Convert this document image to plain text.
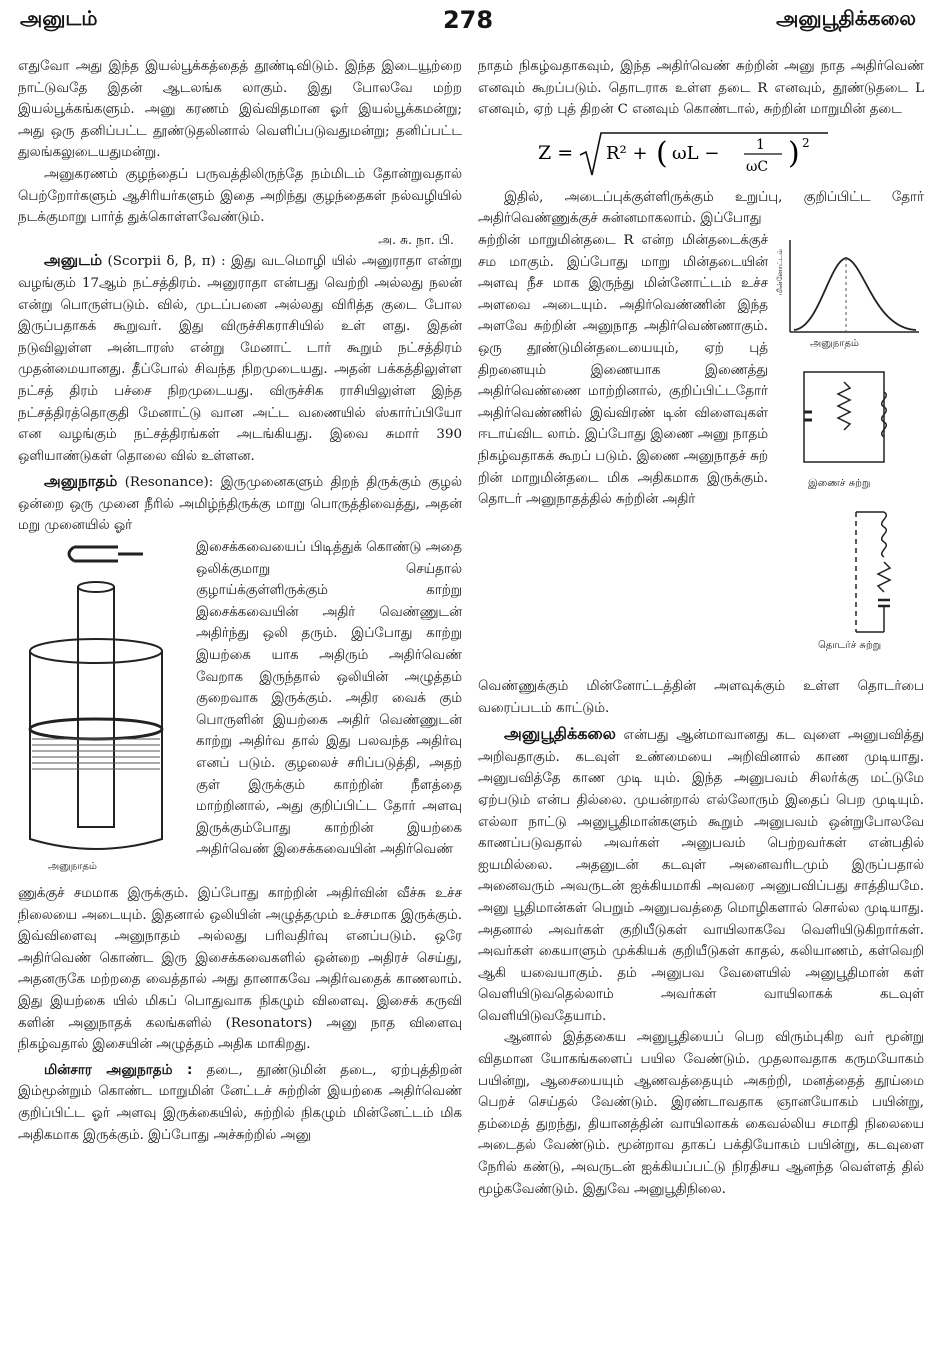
அனுடம்	278	அனுபூதிக்கலை

எதுவோ அது இந்த இயல்பூக்கத்தைத் தூண்டிவிடும். இந்த இடையூற்றை நாட்டுவதே இதன் ஆடலங்க லாகும். இது போலவே மற்ற இயல்பூக்கங்களும். அனு கரணம் இவ்விதமான ஓர் இயல்பூக்கமன்று; அது ஒரு தனிப்பட்ட தூண்டுதலினால் வெளிப்படுவதுமன்று; தனிப்பட்ட துலங்கலுடையதுமன்று.

அனுகரணம் குழந்தைப் பருவத்திலிருந்தே நம்மிடம் தோன்றுவதால் பெற்றோர்களும் ஆசிரியர்களும் இதை அறிந்து குழந்தைகள் நல்வழியில் நடக்குமாறு பார்த் துக்கொள்ளவேண்டும்.

அ. சு. நா. பி.

அனுடம் (Scorpii δ, β, π) : இது வடமொழி யில் அனுராதா என்று வழங்கும் 17ஆம் நட்சத்திரம். அனுராதா என்பது வெற்றி அல்லது நலன் என்று பொருள்படும். வில், முடப்பனை அல்லது விரித்த குடை போல இருப்பதாகக் கூறுவர். இது விருச்சிகராசியில் உள் ளது. இதன் நடுவிலுள்ள அன்டாரஸ் என்று மேனாட் டார் கூறும் நட்சத்திரம் முதன்மையானது. தீப்போல் சிவந்த நிறமுடையது. அதன் பக்கத்திலுள்ள நட்சத் திரம் பச்சை நிறமுடையது. விருச்சிக ராசியிலுள்ள இந்த நட்சத்திரத்தொகுதி மேனாட்டு வான அட்ட வணையில் ஸ்கார்ப்பியோ என வழங்கும் நட்சத்திரங்கள் அடங்கியது. இவை சுமார் 390 ஒளியாண்டுகள் தொலை வில் உள்ளன.

அனுநாதம் (Resonance): இருமுனைகளும் திறந் திருக்கும் குழல் ஒன்றை ஒரு முனை நீரில் அமிழ்ந்திருக்கு மாறு பொருத்திவைத்து, அதன் மறு முனையில் ஓர்

அனுநாதம்

இசைக்கவையைப் பிடித்துக் கொண்டு அதை ஒலிக்குமாறு செய்தால் குழாய்க்குள்ளிருக்கும் காற்று இசைக்கவையின் அதிர் வெண்ணுடன் அதிர்ந்து ஒலி தரும். இப்போது காற்று இயற்கை யாக அதிரும் அதிர்வெண் வேறாக இருந்தால் ஒலியின் அழுத்தம் குறைவாக இருக்கும். அதிர வைக் கும் பொருளின் இயற்கை அதிர் வெண்ணுடன் காற்று அதிர்வ தால் இது பலவந்த அதிர்வு எனப் படும். குழலைச் சரிப்படுத்தி, அதற் குள் இருக்கும் காற்றின் நீளத்தை மாற்றினால், அது குறிப்பிட்ட தோர் அளவு இருக்கும்போது காற்றின் இயற்கை அதிர்வெண் இசைக்கவையின் அதிர்வெண்

ணுக்குச் சமமாக இருக்கும். இப்போது காற்றின் அதிர்வின் வீச்சு உச்ச நிலையை அடையும். இதனால் ஒலியின் அழுத்தமும் உச்சமாக இருக்கும். இவ்விளைவு அனுநாதம் அல்லது பரிவதிர்வு எனப்படும். ஒரே அதிர்வெண் கொண்ட இரு இசைக்கவைகளில் ஒன்றை அதிரச் செய்து, அதனருகே மற்றதை வைத்தால் அது தானாகவே அதிர்வதைக் காணலாம். இது இயற்கை யில் மிகப் பொதுவாக நிகழும் விளைவு. இசைக் கருவி களின் அனுநாதக் கலங்களில் (Resonators) அனு நாத விளைவு நிகழ்வதால் இசையின் அழுத்தம் அதிக மாகிறது.

மின்சார அனுநாதம் : தடை, தூண்டுமின் தடை, ஏற்புத்திறன் இம்மூன்றும் கொண்ட மாறுமின் னேட்டச் சுற்றின் இயற்கை அதிர்வெண் குறிப்பிட்ட ஓர் அளவு இருக்கையில், சுற்றில் நிகழும் மின்னேட்டம் மிக அதிகமாக இருக்கும். இப்போது அச்சுற்றில் அனு

நாதம் நிகழ்வதாகவும், இந்த அதிர்வெண் சுற்றின் அனு நாத அதிர்வெண் எனவும் கூறப்படும். தொடராக உள்ள தடை R எனவும், தூண்டுதடை L எனவும், ஏற் புத் திறன் C எனவும் கொண்டால், சுற்றின் மாறுமின் தடை

Z = R² + ( ωL −	1
ωC ) 2

இதில், அடைப்புக்குள்ளிருக்கும் உறுப்பு, குறிப்பிட்ட தோர் அதிர்வெண்ணுக்குச் சுன்னமாகலாம். இப்போது

மின்னோட்டம்
அனுநாதம்
இணைச் சுற்று
தொடர்ச் சுற்று

சுற்றின் மாறுமின்தடை R என்ற மின்தடைக்குச் சம மாகும். இப்போது மாறு மின்தடையின் அளவு நீச மாக இருந்து மின்னோட்டம் உச்ச அளவை அடையும். அதிர்வெண்ணின் இந்த அளவே சுற்றின் அனுநாத அதிர்வெண்ணாகும். ஒரு தூண்டுமின்தடையையும், ஏற் புத் திறனையும் இணையாக இணைத்து அதிர்வெண்ணை மாற்றினால், குறிப்பிட்டதோர் அதிர்வெண்ணில் இவ்விரண் டின் விளைவுகள் ஈடாய்விட லாம். இப்போது இணை அனு நாதம் நிகழ்வதாகக் கூறப் படும். இணை அனுநாதச் சுற் றின் மாறுமின்தடை மிக அதிகமாக இருக்கும். தொடர் அனுநாதத்தில் சுற்றின் அதிர்

வெண்ணுக்கும் மின்னோட்டத்தின் அளவுக்கும் உள்ள தொடர்பை வரைப்படம் காட்டும்.

அனுபூதிக்கலை என்பது ஆன்மாவானது கட வுளை அனுபவித்து அறிவதாகும். கடவுள் உண்மையை அறிவினால் காண முடியாது. அனுபவித்தே காண முடி யும். இந்த அனுபவம் சிலர்க்கு மட்டுமே ஏற்படும் என்ப தில்லை. முயன்றால் எல்லோரும் இதைப் பெற முடியும். எல்லா நாட்டு அனுபூதிமான்களும் கூறும் அனுபவம் ஒன்றுபோலவே காணப்படுவதால் அவர்கள் அனுபவம் பெற்றவர்கள் என்பதில் ஐயமில்லை. அதனுடன் கடவுள் அனைவரிடமும் இருப்பதால் அனைவரும் அவருடன் ஐக்கியமாகி அவரை அனுபவிப்பது சாத்தியமே. அனு பூதிமான்கள் பெறும் அனுபவத்தை மொழிகளால் சொல்ல முடியாது. அதனால் அவர்கள் குறியீடுகள் வாயிலாகவே வெளியிடுகிறார்கள். அவர்கள் கையாளும் முக்கியக் குறியீடுகள் காதல், கலியாணம், கள்வெறி ஆகி யவையாகும். தம் அனுபவ வேளையில் அனுபூதிமான் கள் வெளியிடுவதெல்லாம் அவர்கள் வாயிலாகக் கடவுள் வெளியிடுவதேயாம்.

ஆனால் இத்தகைய அனுபூதியைப் பெற விரும்புகிற வர் மூன்று விதமான யோகங்களைப் பயில வேண்டும். முதலாவதாக கருமயோகம் பயின்று, ஆசையையும் ஆணவத்தையும் அகற்றி, மனத்தைத் தூய்மை பெறச் செய்தல் வேண்டும். இரண்டாவதாக ஞானயோகம் பயின்று, தம்மைத் துறந்து, தியானத்தின் வாயிலாகக் கைவல்லிய சமாதி நிலையை அடைதல் வேண்டும். மூன்றாவ தாகப் பக்தியோகம் பயின்று, கடவுளை நேரில் கண்டு, அவருடன் ஐக்கியப்பட்டு நிரதிசய ஆனந்த வெள்ளத் தில் மூழ்கவேண்டும். இதுவே அனுபூதிநிலை.
